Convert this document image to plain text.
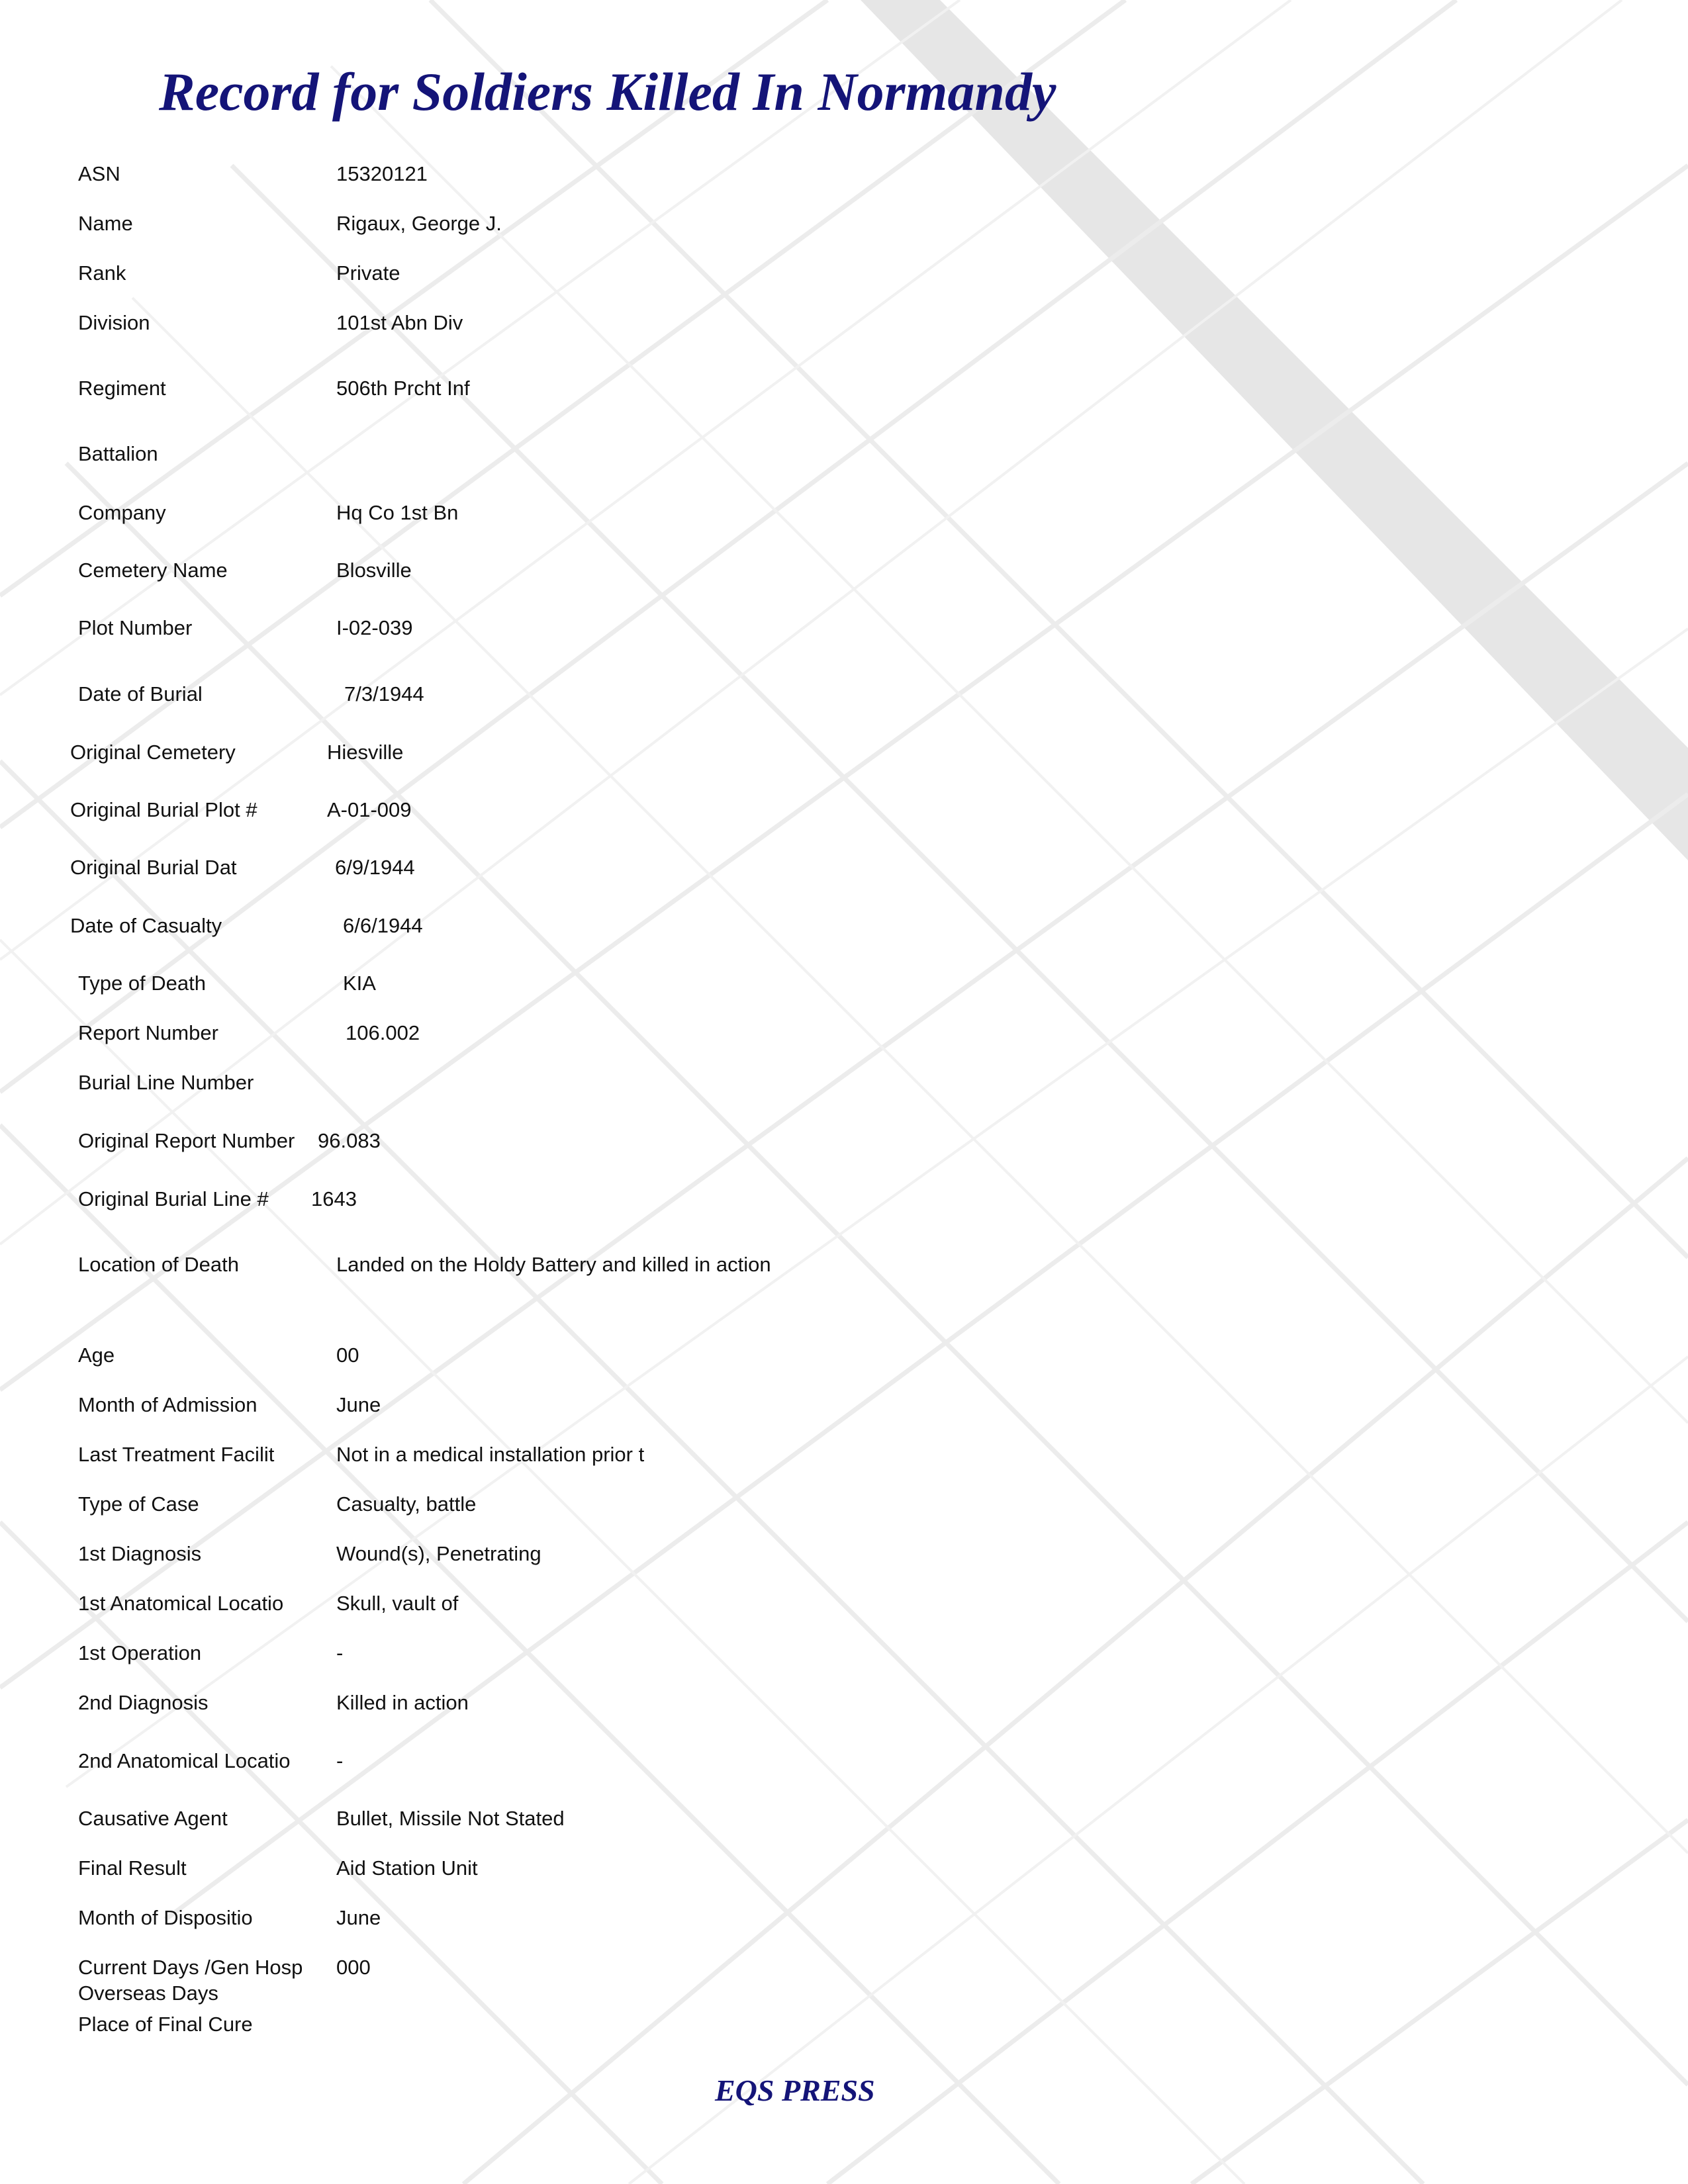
Record for Soldiers Killed In Normandy
ASN	15320121
Name	Rigaux, George J.
Rank	Private
Division	101st Abn Div
Regiment	506th Prcht Inf
Battalion
Company	Hq Co 1st Bn
Cemetery Name	Blosville
Plot Number	I-02-039
Date of Burial	7/3/1944
Original Cemetery	Hiesville
Original Burial Plot #	A-01-009
Original Burial Dat	6/9/1944
Date of Casualty	6/6/1944
Type of Death	KIA
Report Number	106.002
Burial Line Number
Original Report Number 96.083
Original Burial Line # 1643
Location of Death	Landed on the Holdy Battery and killed in action
Age	00
Month of Admission	June
Last Treatment Facilit	Not in a medical installation prior t
Type of Case	Casualty, battle
1st Diagnosis	Wound(s), Penetrating
1st Anatomical Locatio	Skull, vault of
1st Operation	-
2nd Diagnosis	Killed in action
2nd Anatomical Locatio -
Causative Agent	Bullet, Missile Not Stated
Final Result	Aid Station Unit
Month of Dispositio	June
Current Days /Gen Hosp 000
Overseas Days
Place of Final Cure
EQS PRESS
